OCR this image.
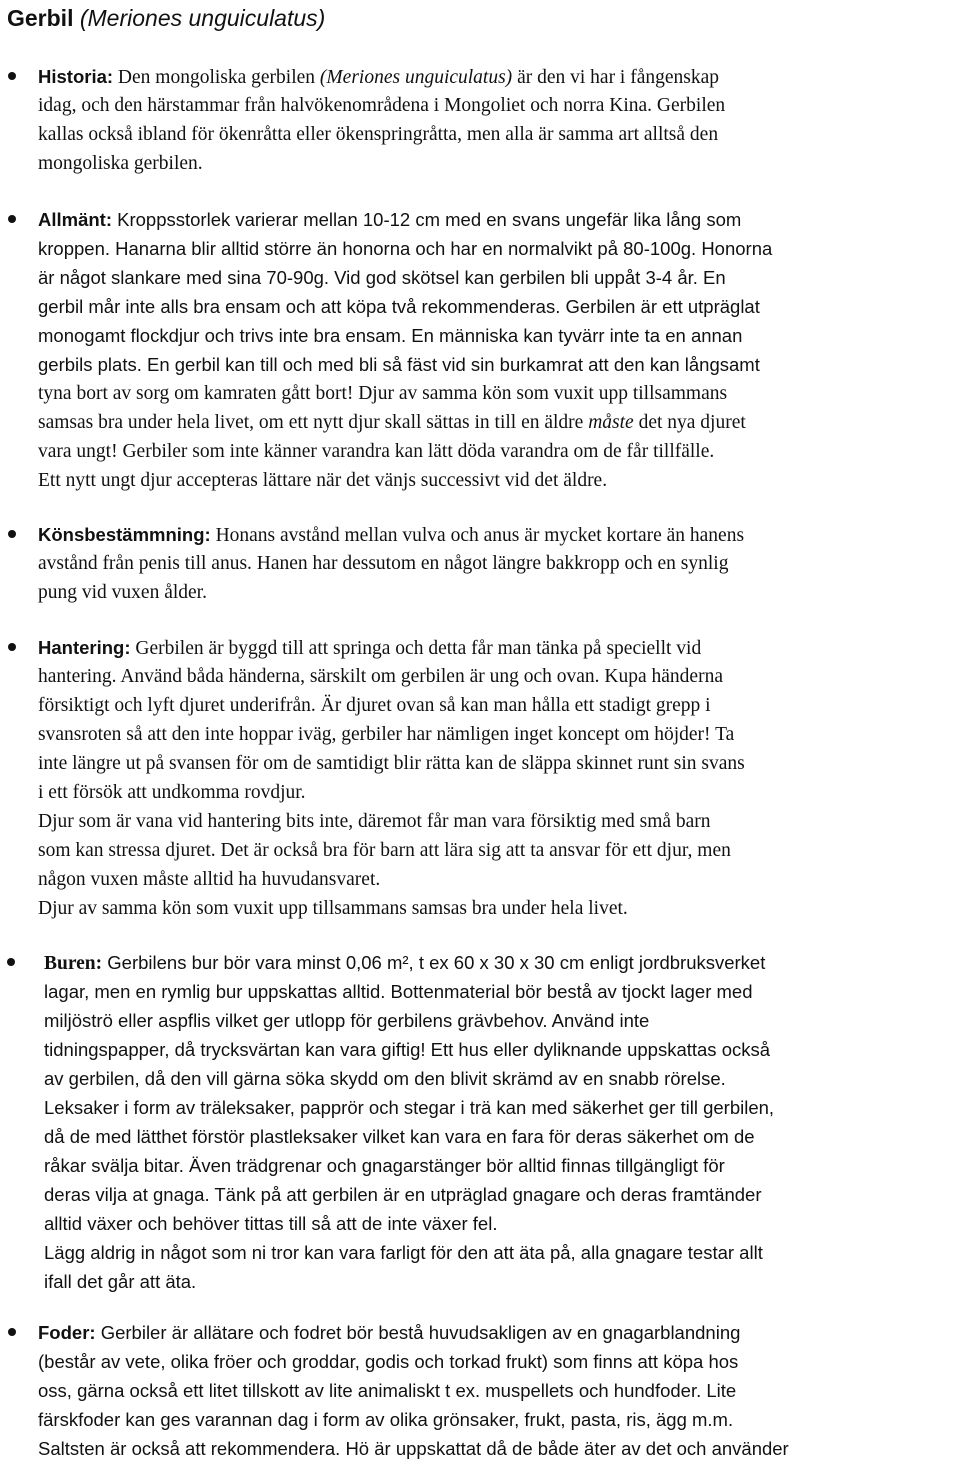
Gerbil (Meriones unguiculatus)
Historia: Den mongoliska gerbilen (Meriones unguiculatus) är den vi har i fångenskap
idag, och den härstammar från halvökenområdena i Mongoliet och norra Kina. Gerbilen
kallas också ibland för ökenråtta eller ökenspringråtta, men alla är samma art alltså den
mongoliska gerbilen.
Allmänt: Kroppsstorlek varierar mellan 10-12 cm med en svans ungefär lika lång som
kroppen. Hanarna blir alltid större än honorna och har en normalvikt på 80-100g. Honorna
är något slankare med sina 70-90g. Vid god skötsel kan gerbilen bli uppåt 3-4 år. En
gerbil mår inte alls bra ensam och att köpa två rekommenderas. Gerbilen är ett utpräglat
monogamt flockdjur och trivs inte bra ensam. En människa kan tyvärr inte ta en annan
gerbils plats. En gerbil kan till och med bli så fäst vid sin burkamrat att den kan långsamt
tyna bort av sorg om kamraten gått bort! Djur av samma kön som vuxit upp tillsammans
samsas bra under hela livet, om ett nytt djur skall sättas in till en äldre måste det nya djuret
vara ungt! Gerbiler som inte känner varandra kan lätt döda varandra om de får tillfälle.
Ett nytt ungt djur accepteras lättare när det vänjs successivt vid det äldre.
Könsbestämmning: Honans avstånd mellan vulva och anus är mycket kortare än hanens
avstånd från penis till anus. Hanen har dessutom en något längre bakkropp och en synlig
pung vid vuxen ålder.
Hantering: Gerbilen är byggd till att springa och detta får man tänka på speciellt vid
hantering. Använd båda händerna, särskilt om gerbilen är ung och ovan. Kupa händerna
försiktigt och lyft djuret underifrån. Är djuret ovan så kan man hålla ett stadigt grepp i
svansroten så att den inte hoppar iväg, gerbiler har nämligen inget koncept om höjder! Ta
inte längre ut på svansen för om de samtidigt blir rätta kan de släppa skinnet runt sin svans
i ett försök att undkomma rovdjur.
Djur som är vana vid hantering bits inte, däremot får man vara försiktig med små barn
som kan stressa djuret. Det är också bra för barn att lära sig att ta ansvar för ett djur, men
någon vuxen måste alltid ha huvudansvaret.
Djur av samma kön som vuxit upp tillsammans samsas bra under hela livet.
Buren: Gerbilens bur bör vara minst 0,06 m², t ex 60 x 30 x 30 cm enligt jordbruksverket
lagar, men en rymlig bur uppskattas alltid. Bottenmaterial bör bestå av tjockt lager med
miljöströ eller aspflis vilket ger utlopp för gerbilens grävbehov. Använd inte
tidningspapper, då trycksvärtan kan vara giftig! Ett hus eller dyliknande uppskattas också
av gerbilen, då den vill gärna söka skydd om den blivit skrämd av en snabb rörelse.
Leksaker i form av träleksaker, papprör och stegar i trä kan med säkerhet ger till gerbilen,
då de med lätthet förstör plastleksaker vilket kan vara en fara för deras säkerhet om de
råkar svälja bitar. Även trädgrenar och gnagarstänger bör alltid finnas tillgängligt för
deras vilja at gnaga. Tänk på att gerbilen är en utpräglad gnagare och deras framtänder
alltid växer och behöver tittas till så att de inte växer fel.
Lägg aldrig in något som ni tror kan vara farligt för den att äta på, alla gnagare testar allt
ifall det går att äta.
Foder: Gerbiler är allätare och fodret bör bestå huvudsakligen av en gnagarblandning
(består av vete, olika fröer och groddar, godis och torkad frukt) som finns att köpa hos
oss, gärna också ett litet tillskott av lite animaliskt t ex. muspellets och hundfoder. Lite
färskfoder kan ges varannan dag i form av olika grönsaker, frukt, pasta, ris, ägg m.m.
Saltsten är också att rekommendera. Hö är uppskattat då de både äter av det och använder
